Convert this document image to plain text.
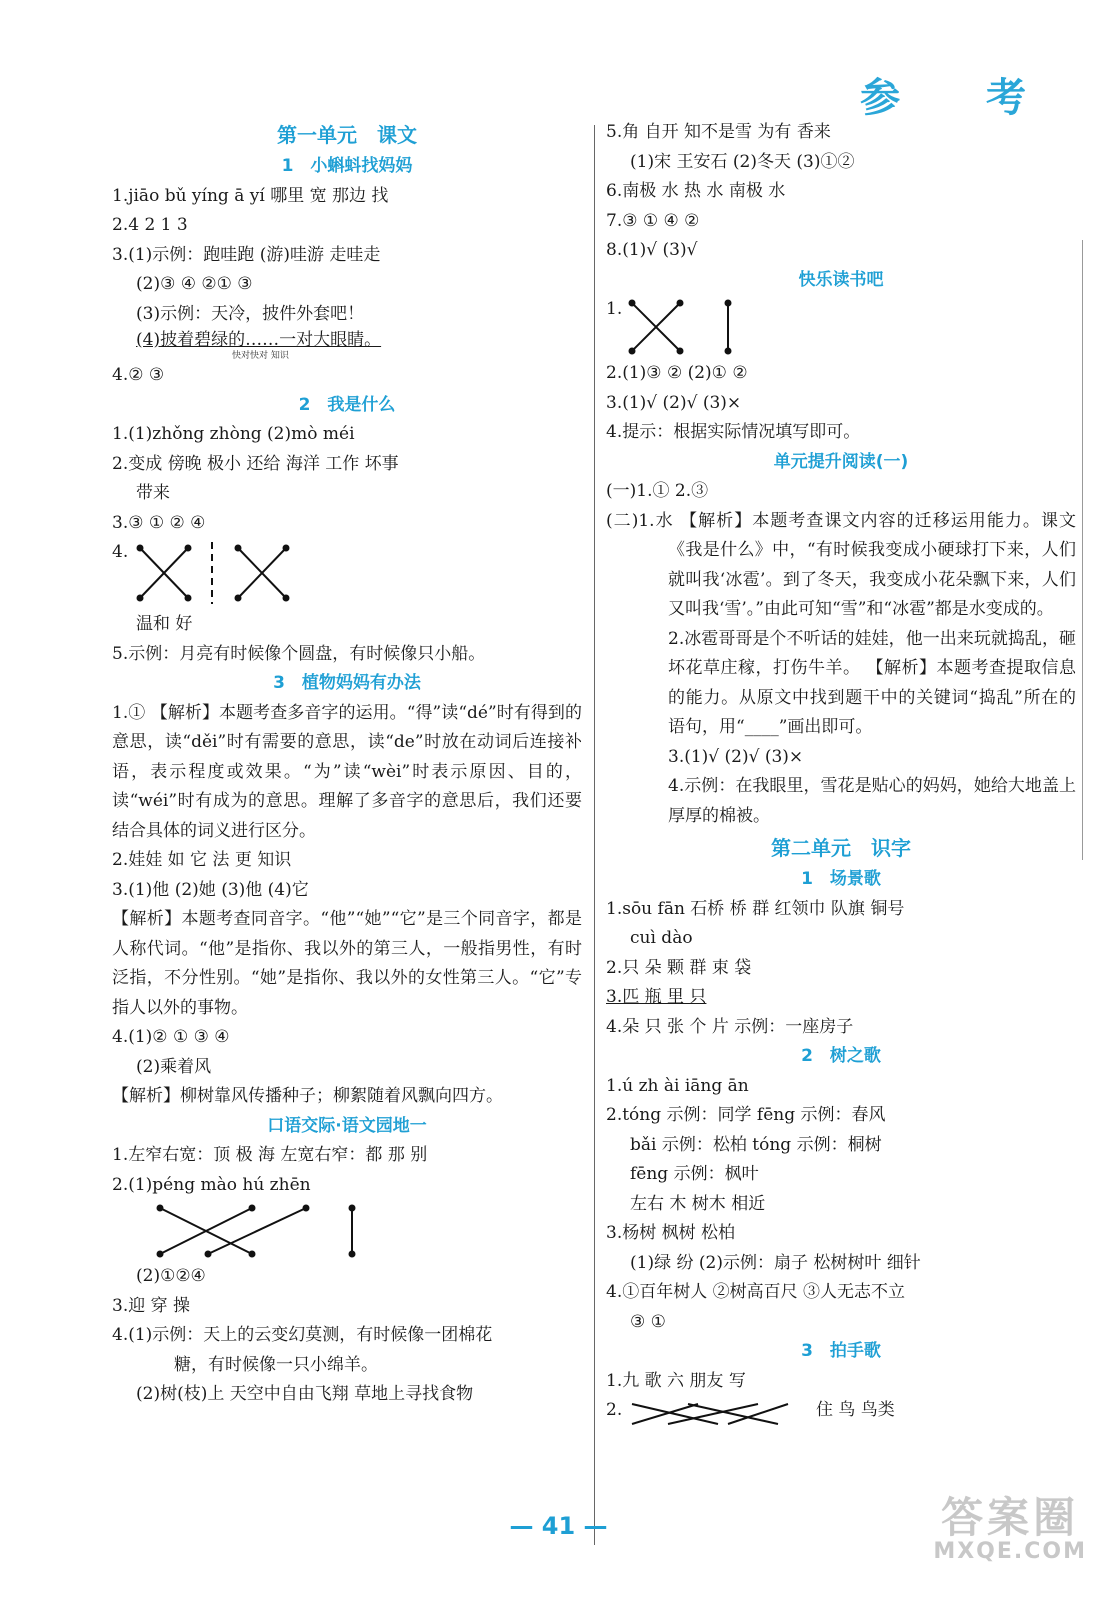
参 考
第一单元　课文
1　小蝌蚪找妈妈
1.jiāo bǔ yíng ā yí 哪里 宽 那边 找
2.4 2 1 3
3.(1)示例：跑哇跑 (游)哇游 走哇走
(2)③ ④ ②① ③
(3)示例：天冷，披件外套吧！
(4)披着碧绿的……一对大眼睛。
快对快对 知识
4.② ③
2　我是什么
1.(1)zhǒng zhòng (2)mò méi
2.变成 傍晚 极小 还给 海洋 工作 坏事
带来
3.③ ① ② ④
4.
温和 好
5.示例：月亮有时候像个圆盘，有时候像只小船。
3　植物妈妈有办法
1.① 【解析】本题考查多音字的运用。“得”读“dé”时有得到的意思，读“děi”时有需要的意思，读“de”时放在动词后连接补语，表示程度或效果。“为”读“wèi”时表示原因、目的，读“wéi”时有成为的意思。理解了多音字的意思后，我们还要结合具体的词义进行区分。
2.娃娃 如 它 法 更 知识
3.(1)他 (2)她 (3)他 (4)它
【解析】本题考查同音字。“他”“她”“它”是三个同音字，都是人称代词。“他”是指你、我以外的第三人，一般指男性，有时泛指，不分性别。“她”是指你、我以外的女性第三人。“它”专指人以外的事物。
4.(1)② ① ③ ④
(2)乘着风
【解析】柳树靠风传播种子；柳絮随着风飘向四方。
口语交际·语文园地一
1.左窄右宽：顶 极 海 左宽右窄：都 那 别
2.(1)péng mào hú zhēn
(2)①②④
3.迎 穿 操
4.(1)示例：天上的云变幻莫测，有时候像一团棉花
糖，有时候像一只小绵羊。
(2)树(枝)上 天空中自由飞翔 草地上寻找食物
5.角 自开 知不是雪 为有 香来
(1)宋 王安石 (2)冬天 (3)①②
6.南极 水 热 水 南极 水
7.③ ① ④ ②
8.(1)√ (3)√
快乐读书吧
1.
2.(1)③ ② (2)① ②
3.(1)√ (2)√ (3)×
4.提示：根据实际情况填写即可。
单元提升阅读(一)
(一)1.① 2.③
(二)1.水 【解析】本题考查课文内容的迁移运用能力。课文《我是什么》中，“有时候我变成小硬球打下来，人们就叫我‘冰雹’。到了冬天，我变成小花朵飘下来，人们又叫我‘雪’。”由此可知“雪”和“冰雹”都是水变成的。
2.冰雹哥哥是个不听话的娃娃，他一出来玩就捣乱，砸坏花草庄稼，打伤牛羊。 【解析】本题考查提取信息的能力。从原文中找到题干中的关键词“捣乱”所在的语句，用“____”画出即可。
3.(1)√ (2)√ (3)×
4.示例：在我眼里，雪花是贴心的妈妈，她给大地盖上厚厚的棉被。
第二单元　识字
1　场景歌
1.sōu fān 石桥 桥 群 红领巾 队旗 铜号
cuì dào
2.只 朵 颗 群 束 袋
3.匹 瓶 里 只
4.朵 只 张 个 片 示例：一座房子
2　树之歌
1.ú zh ài iāng ān
2.tóng 示例：同学 fēng 示例：春风
bǎi 示例：松柏 tóng 示例：桐树
fēng 示例：枫叶
左右 木 树木 相近
3.杨树 枫树 松柏
(1)绿 纷 (2)示例：扇子 松树树叶 细针
4.①百年树人 ②树高百尺 ③人无志不立
③ ①
3　拍手歌
1.九 歌 六 朋友 写
2.	住 鸟 鸟类
— 41 —	答案圈
MXQE.COM
